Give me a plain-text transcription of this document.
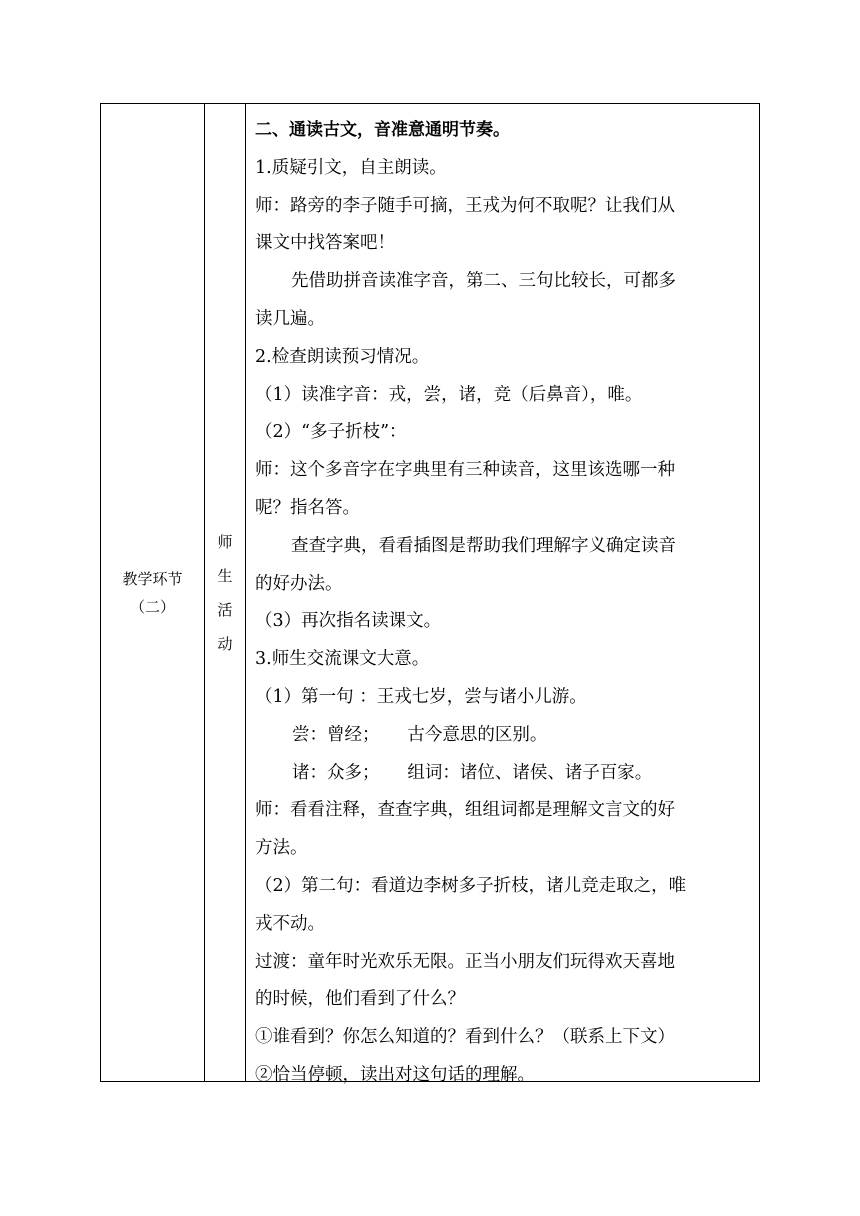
教学环节
（二）
师
生
活
动

二、通读古文，音准意通明节奏。

1.质疑引文，自主朗读。

师：路旁的李子随手可摘，王戎为何不取呢？让我们从

课文中找答案吧！

先借助拼音读准字音，第二、三句比较长，可都多

读几遍。

2.检查朗读预习情况。

（1）读准字音：戎，尝，诸，竞（后鼻音），唯。

（2）“多子折枝”：

师：这个多音字在字典里有三种读音，这里该选哪一种

呢？指名答。

查查字典，看看插图是帮助我们理解字义确定读音

的好办法。

（3）再次指名读课文。

3.师生交流课文大意。

（1）第一句 ：王戎七岁，尝与诸小儿游。

尝：曾经；     古今意思的区别。

诸：众多；     组词：诸位、诸侯、诸子百家。

师：看看注释，查查字典，组组词都是理解文言文的好

方法。

（2）第二句：看道边李树多子折枝，诸儿竞走取之，唯

戎不动。

过渡：童年时光欢乐无限。正当小朋友们玩得欢天喜地

的时候，他们看到了什么？

①谁看到？你怎么知道的？看到什么？（联系上下文）

②恰当停顿，读出对这句话的理解。
